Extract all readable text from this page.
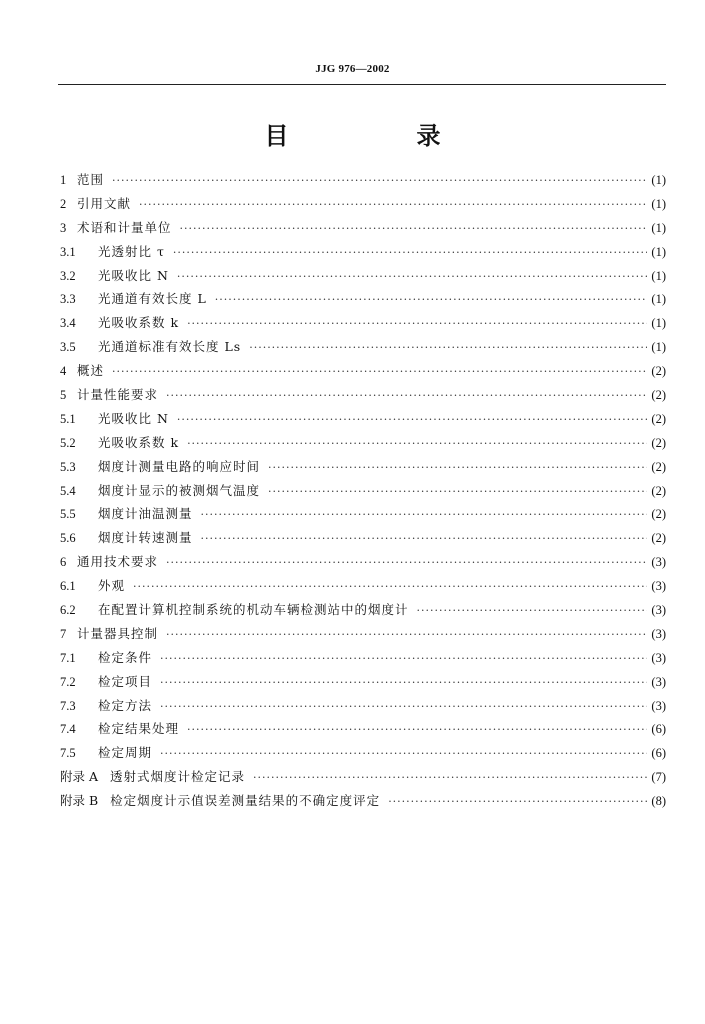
JJG 976—2002
目　录
1 范围 ·····	(1)
2 引用文献 ·····	(1)
3 术语和计量单位 ·····	(1)
3.1	光透射比 τ ·····	(1)
3.2	光吸收比 N ·····	(1)
3.3	光通道有效长度 L ·····	(1)
3.4	光吸收系数 k ·····	(1)
3.5	光通道标准有效长度 Ls ·····	(1)
4 概述 ·····	(2)
5 计量性能要求 ·····	(2)
5.1	光吸收比 N ·····	(2)
5.2	光吸收系数 k ·····	(2)
5.3	烟度计测量电路的响应时间 ·····	(2)
5.4	烟度计显示的被测烟气温度 ·····	(2)
5.5	烟度计油温测量 ·····	(2)
5.6	烟度计转速测量 ·····	(2)
6 通用技术要求 ·····	(3)
6.1	外观 ·····	(3)
6.2	在配置计算机控制系统的机动车辆检测站中的烟度计 ·····	(3)
7 计量器具控制 ·····	(3)
7.1	检定条件 ·····	(3)
7.2	检定项目 ·····	(3)
7.3	检定方法 ·····	(3)
7.4	检定结果处理 ·····	(6)
7.5	检定周期 ·····	(6)
附录 A 透射式烟度计检定记录 ·····	(7)
附录 B 检定烟度计示值误差测量结果的不确定度评定 ·····	(8)
